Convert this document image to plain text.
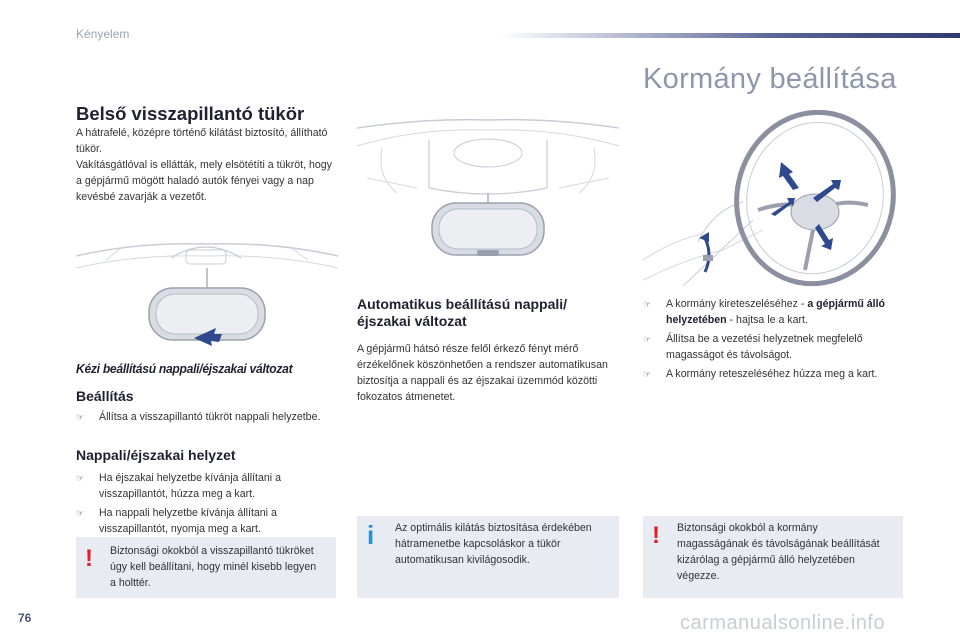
Kényelem
Kormány beállítása
Belső visszapillantó tükör
A hátrafelé, középre történő kilátást biztosító, állítható tükör.
Vakításgátlóval is ellátták, mely elsötétíti a tükröt, hogy a gépjármű mögött haladó autók fényei vagy a nap kevésbé zavarják a vezetőt.
Kézi beállítású nappali/éjszakai változat
Beállítás
☞ Állítsa a visszapillantó tükröt nappali helyzetbe.
Nappali/éjszakai helyzet
☞ Ha éjszakai helyzetbe kívánja állítani a visszapillantót, húzza meg a kart.
☞ Ha nappali helyzetbe kívánja állítani a visszapillantót, nyomja meg a kart.
! Biztonsági okokból a visszapillantó tükröket úgy kell beállítani, hogy minél kisebb legyen a holttér.
Automatikus beállítású nappali/ éjszakai változat
A gépjármű hátsó része felől érkező fényt mérő érzékelőnek köszönhetően a rendszer automatikusan biztosítja a nappali és az éjszakai üzemmód közötti fokozatos átmenetet.
i Az optimális kilátás biztosítása érdekében hátramenetbe kapcsoláskor a tükör automatikusan kivilágosodik.
☞ A kormány kireteszeléséhez - a gépjármű álló helyzetében - hajtsa le a kart.
☞ Állítsa be a vezetési helyzetnek megfelelő magasságot és távolságot.
☞ A kormány reteszeléséhez húzza meg a kart.
! Biztonsági okokból a kormány magasságának és távolságának beállítását kizárólag a gépjármű álló helyzetében végezze.
76	carmanualsonline.info
